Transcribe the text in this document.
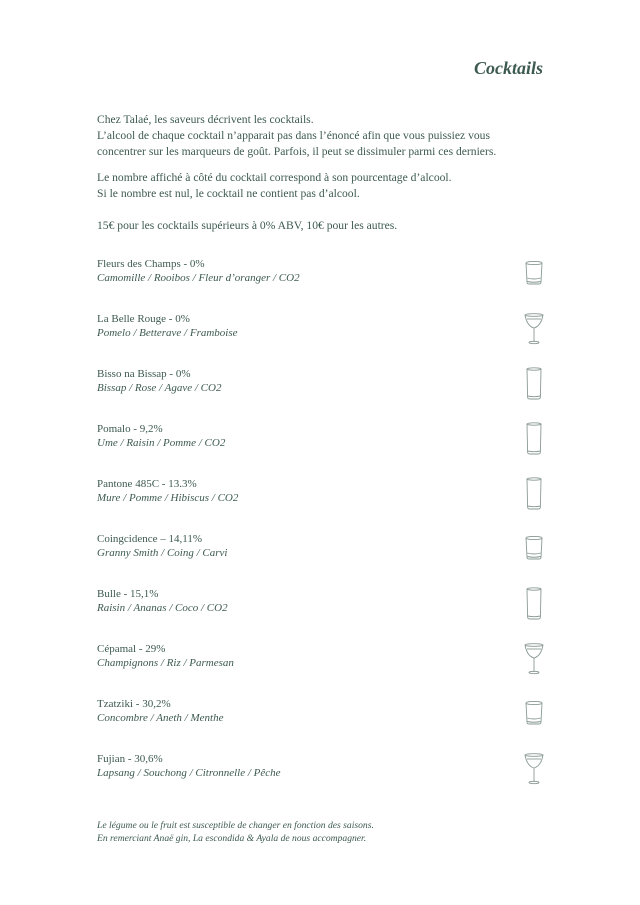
Cocktails
Chez Talaé, les saveurs décrivent les cocktails.
L’alcool de chaque cocktail n’apparait pas dans l’énoncé afin que vous puissiez vous
concentrer sur les marqueurs de goût. Parfois, il peut se dissimuler parmi ces derniers.
Le nombre affiché à côté du cocktail correspond à son pourcentage d’alcool.
Si le nombre est nul, le cocktail ne contient pas d’alcool.
15€ pour les cocktails supérieurs à 0% ABV, 10€ pour les autres.
Fleurs des Champs - 0%
Camomille / Rooibos / Fleur d’oranger / CO2
La Belle Rouge - 0%
Pomelo / Betterave / Framboise
Bisso na Bissap - 0%
Bissap / Rose / Agave / CO2
Pomalo - 9,2%
Ume / Raisin / Pomme / CO2
Pantone 485C - 13.3%
Mure / Pomme / Hibiscus / CO2
Coingcidence – 14,11%
Granny Smith / Coing / Carvi
Bulle - 15,1%
Raisin / Ananas / Coco / CO2
Cépamal - 29%
Champignons / Riz / Parmesan
Tzatziki - 30,2%
Concombre / Aneth / Menthe
Fujian - 30,6%
Lapsang / Souchong / Citronnelle / Pêche
Le légume ou le fruit est susceptible de changer en fonction des saisons.
En remerciant Anaë gin, La escondida & Ayala de nous accompagner.
